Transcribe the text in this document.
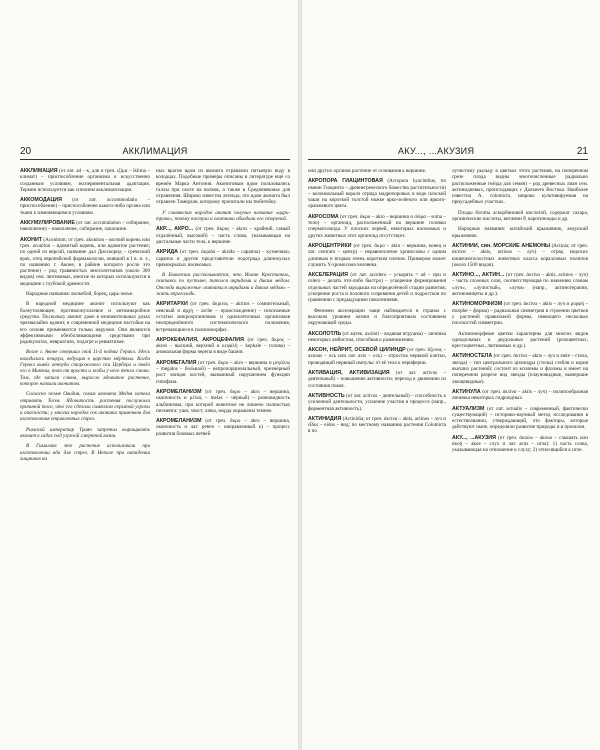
20	АККЛИМАЦИЯ
АККЛИМАЦИЯ (от лат. ad – к, для и греч. ιξίμα – iklima – климат) – приспособление организма к искусственно созданным условиям, экспериментальная адаптация. Термин используется как синоним акклиматизации.
АККОМОДАЦИЯ (от лат. accommodatio – приспособление) – приспособление какого-либо органа или ткани к изменяющимся условиям.
АККУМУЛИРОВАНИЕ (от лат. accumulation – собирание, накопление) – накопление, собирание, запасание.
АКОНИТ (Aconitum; от греч. akoniton – волчий корень или греч. aconiton – ядовитый корень, или ядовитое растение; по одной из версий, название дал Диоскорид – греческий врач, отец европейской фармакологии, живший в I в. н. э., по названию г. Аконе, в районе которого росло это растение) – род травянистых многолетников (около 300 видов) сем. лютиковых, многие из которых используются в медицине с глубокой древности.

Народные названия: волкобой, борец, царь-зелье.

В народной медицине аконит используют как болеутоляющее, противоопухолевое и антимикробное средство. Поскольку аконит даже в незначительных дозах чрезвычайно ядовит, в современной медицине настойки на его основе применяются только наружно. Они являются эффективными обезболивающими средствами при радикулитах, невралгиях, подагре и ревматизме.

Возле г. Аконе совершил свой 11-й подвиг Геракл. Здесь находилась пещера, ведущая в царство мёртвых. Когда Геракл вывёл оттуда сторожевого пса Цербера и повёл его в Микены, тот от ярости и злобы у него текла слюна. Там, где капала слюна, выросло ядовитое растение, которое назвали аконитом.

Согласно поэме Овидия, сокам аконита Медея хотела отравить Тесея. Ядовитость растения послужила причиной того, что его сделали символом скрытой угрозы и опасности; у многих народов сок аконита применяли для изготовления отравленных стрел.

Римский император Траян запретил выращивать аконит в садах под угрозой смертной казни.

В Гималаях это растение использовали при изготовлении яда для стрел. В Непале при нападении хищников на

ных врагов ядом из аконита отравляли питьевую воду в колодцах. Подобные примеры описаны в литературе ещё со времён Марка Антония. Аконитовым ядом пользовались галлы при охоте на волков, а также в Средневековье для отравления. Широко известна легенда, что ядом аконита был отравлен Тамерлан, которому пропитали им тюбетейку.

У славянских народов аконит получил название «царь-трава», почему пастухи и охотники обходили его стороной.

АКР..., АКРО... (от греч. ἄκρος – akros – крайний, самый отдалённый, высокий) – часть слова, указывающая на дистальные части тела, к вершине.
АКРИДА (от греч. ἀκρίδα – akrida – саранча) – кузнечики, саранча и другие представители подотряда длинноусых прямокрылых насекомых.

В Евангелии рассказывается, что Иоанн Креститель, скитаясь по пустыне, питался акридами и диким мёдом. Отсюда выражение «питаться акридами и диким мёдом» – жить впроголодь.

АКРИТАРХИ (от греч. ἄκριτος – akritos – сомнительный, неясный и ἀρχή – arche – происхождение) – ископаемые остатки микроорганизмов и одноклеточных организмов неопределённого систематического положения, встречающиеся в палиноморфах.
АКРОКЕФАЛИЯ, АКРОЦЕФАЛИЯ (от греч. ἄκρος – akros – высший, верхний и κεφαλή – kephale – голова) – аномальная форма черепа в виде башни.
АКРОМЕГАЛИЯ (от греч. ἄκρο – akro – вершина и μεγάλος – megalos – большой) – непропорциональный, чрезмерный рост концов костей, вызванный нарушением функции гипофиза.
АКРОМЕЛАНИЗМ (от греч. ἄκρο – akro – вершина, окончность и μέλας – melas – чёрный) – разновидность альбинизма, при которой животное не лишено полностью пигмента: уши, хвост, лапы, морда окрашены темнее.
АКРОМЕЛАНИЗМ (от греч. ἄκρο – akro – вершина, окончность и лат. petere – направленный к) – процесс развития боковых ветвей
АКУ..., ...АКУЗИЯ	21

или других органов растение от основания к вершине.

АКРОПОРА ГИАЦИНТОВАЯ (Acropora hyacinthus, по имени Гиацинта – древнегреческого божества растительности) – колониальный коралл отряда мадрепоровых в виде плоской чаши на короткой толстой ножке ярко-зелёного или яркого-оранжевого цвета.
АКРОСОМА (от греч. ἄκρο – akro – вершина и σῶμα – soma – тело) – органоид, расположенный на вершине головки сперматозоида. У плоских червей, некоторых насекомых и других животных этот органоид отсутствует.
АКРОЦЕНТРИКИ (от греч. ἄκρο – akro – вершина, конец и лат. centrum – центр) – неравноплечие хромосомы с одним длинным и вторым очень коротким плечом. Примером может служить Y-хромосома человека.
АКСЕЛЕРАЦИЯ (от лат. accelero – ускорять = ad – при и celero – делать что-либо быстро) – ускорение формирования отдельных частей зародыша на определённой стадии развития; ускорение роста и полового созревания детей и подростков по сравнению с предыдущими поколениями.

Феномен акселерации чаще наблюдается в странах с высоким уровнем жизни и благоприятным состоянием окружающей среды.

АКСОЛОТЛЬ (от ацтек. axolotl – водяная игрушка) – личинка некоторых амбистом, способная к размножению.
АКСОН, НЕЙРИТ, ОСЕВОЙ ЦИЛИНДР (от греч. ἄξονας – axonas – ось или лат. axis – ось) – отросток нервной клетки, проводящий нервный импульс от её тела к периферии.
АКТИВАЦИЯ, АКТИВИЗАЦИЯ (от лат. activus – деятельный) – повышение активности; переход к движению из состояния покоя.
АКТИВНОСТЬ (от лат. activus – деятельный) – способность к усиленной деятельности, усиление участия в процессе (напр., ферментная активность).
АКТИНИДИЯ (Actinidia; от греч. ἀκτίνα – aktis, actinos – луч и εἶδος – eidos – вид; по местному названию растения Colomicta в по

лучистому рыльцу в цветках этого растения, на поперечном срезе плода видны многочисленные радиально расположенные гнёзда для семян) – род древесных лиан сем. актинидиевых, происходящих с Дальнего Востока. Наиболее известна A. colomicta, широко культивируемая на приусадебных участках.

Плоды богаты аскорбиновой кислотой, содержат сахара, органические кислоты, витамин P, каротиноиды и др.

Народные названия: китайский крыжовник, амурский крыжовник.

АКТИНИИ, син. МОРСКИЕ АНЕМОНЫ (Actinia; от греч. ἀκτίνα – aktis, actinos – луч) – отряд морских кишечнополостных животных класса коралловых полипов (около 1500 видов).
АКТИНО..., АКТИН... (от греч. ἀκτίνα – aktis, actinos – луч) – часть сложных слов, соответствующая по значению словам «луч», «лучистый», «лучи» (напр., актинотерапия, актиномицеты и др.).
АКТИНОМОРФИЗМ (от греч. ἀκτίνα – aktis – луч и μορφή – morphe – форма) – радиальная симметрия в строении цветков у растений правильной формы, имеющего несколько плоскостей симметрии.

Актиноморфные цветки характерны для многих видов однодольных и двудольных растений (розоцветных, крестоцветных, лютиковых и др.).

АКТИНОСТЕЛА (от греч. ἀκτίνα – aktis – луч и stele – стела, звезда) – тип центрального цилиндра (стелы) стебля и корня высших растений; состоит из ксилемы и флоэмы и имеет на поперечном разрезе вид звезды (плауновидные, вымершие хвощевидные).
АКТИНУЛА (от греч. ἀκτίνα – aktis – луч) – полипообразная личинка некоторых гидроидных.
АКТУАЛИЗМ (от лат. actualis – современный, фактически существующий) – историко-научный метод исследования в естествознании, утверждающий, что факторы, которые действуют ныне, определяли развитие природы и в прошлом.
АКУ..., ...АКУЗИЯ (от греч. ἀκούω – akouo – слышать или ἀκοή – akoe – слух и лат. acus – игла): 1) часть слова, указывающая на отношение к слуху; 2) относящийся к игле.
